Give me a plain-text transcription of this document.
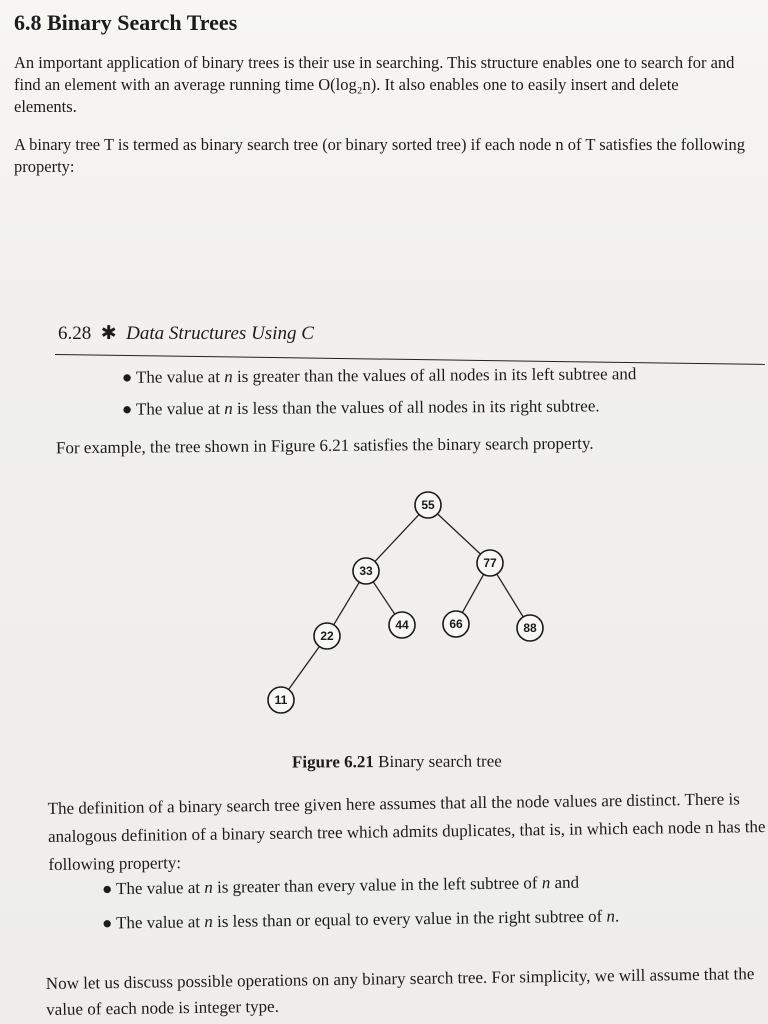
6.8 Binary Search Trees
An important application of binary trees is their use in searching. This structure enables one to search for and find an element with an average running time O(log₂n). It also enables one to easily insert and delete elements.
A binary tree T is termed as binary search tree (or binary sorted tree) if each node n of T satisfies the following property:
6.28  ✱  Data Structures Using C
● The value at n is greater than the values of all nodes in its left subtree and
● The value at n is less than the values of all nodes in its right subtree.
For example, the tree shown in Figure 6.21 satisfies the binary search property.
55
33
77
22
44	66	88
11
Figure 6.21 Binary search tree
The definition of a binary search tree given here assumes that all the node values are distinct. There is analogous definition of a binary search tree which admits duplicates, that is, in which each node n has the following property:
● The value at n is greater than every value in the left subtree of n and
● The value at n is less than or equal to every value in the right subtree of n.
Now let us discuss possible operations on any binary search tree. For simplicity, we will assume that the value of each node is integer type.
